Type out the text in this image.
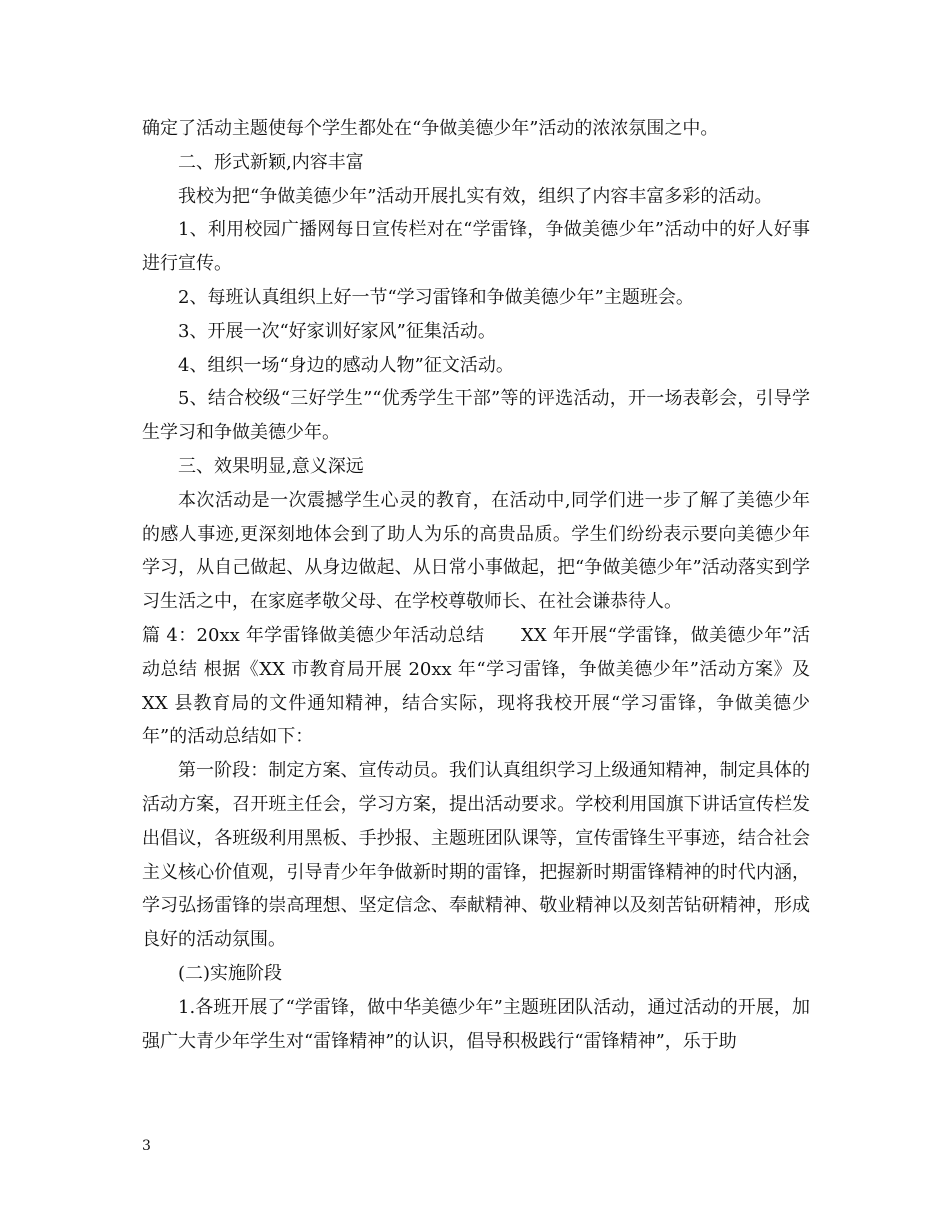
确定了活动主题使每个学生都处在“争做美德少年”活动的浓浓氛围之中。

二、形式新颖,内容丰富

我校为把“争做美德少年”活动开展扎实有效，组织了内容丰富多彩的活动。

1、利用校园广播网每日宣传栏对在“学雷锋，争做美德少年”活动中的好人好事进行宣传。

2、每班认真组织上好一节“学习雷锋和争做美德少年”主题班会。

3、开展一次“好家训好家风”征集活动。

4、组织一场“身边的感动人物”征文活动。

5、结合校级“三好学生”“优秀学生干部”等的评选活动，开一场表彰会，引导学生学习和争做美德少年。

三、效果明显,意义深远

本次活动是一次震撼学生心灵的教育，在活动中,同学们进一步了解了美德少年的感人事迹,更深刻地体会到了助人为乐的高贵品质。学生们纷纷表示要向美德少年学习，从自己做起、从身边做起、从日常小事做起，把“争做美德少年”活动落实到学习生活之中，在家庭孝敬父母、在学校尊敬师长、在社会谦恭待人。

篇 4：20xx 年学雷锋做美德少年活动总结　　XX 年开展“学雷锋，做美德少年”活动总结 根据《XX 市教育局开展 20xx 年“学习雷锋，争做美德少年”活动方案》及 XX 县教育局的文件通知精神，结合实际，现将我校开展“学习雷锋，争做美德少年”的活动总结如下：

第一阶段：制定方案、宣传动员。我们认真组织学习上级通知精神，制定具体的活动方案，召开班主任会，学习方案，提出活动要求。学校利用国旗下讲话宣传栏发出倡议，各班级利用黑板、手抄报、主题班团队课等，宣传雷锋生平事迹，结合社会主义核心价值观，引导青少年争做新时期的雷锋，把握新时期雷锋精神的时代内涵，学习弘扬雷锋的崇高理想、坚定信念、奉献精神、敬业精神以及刻苦钻研精神，形成良好的活动氛围。

(二)实施阶段

1.各班开展了“学雷锋，做中华美德少年”主题班团队活动，通过活动的开展，加强广大青少年学生对“雷锋精神”的认识，倡导积极践行“雷锋精神”，乐于助

3
